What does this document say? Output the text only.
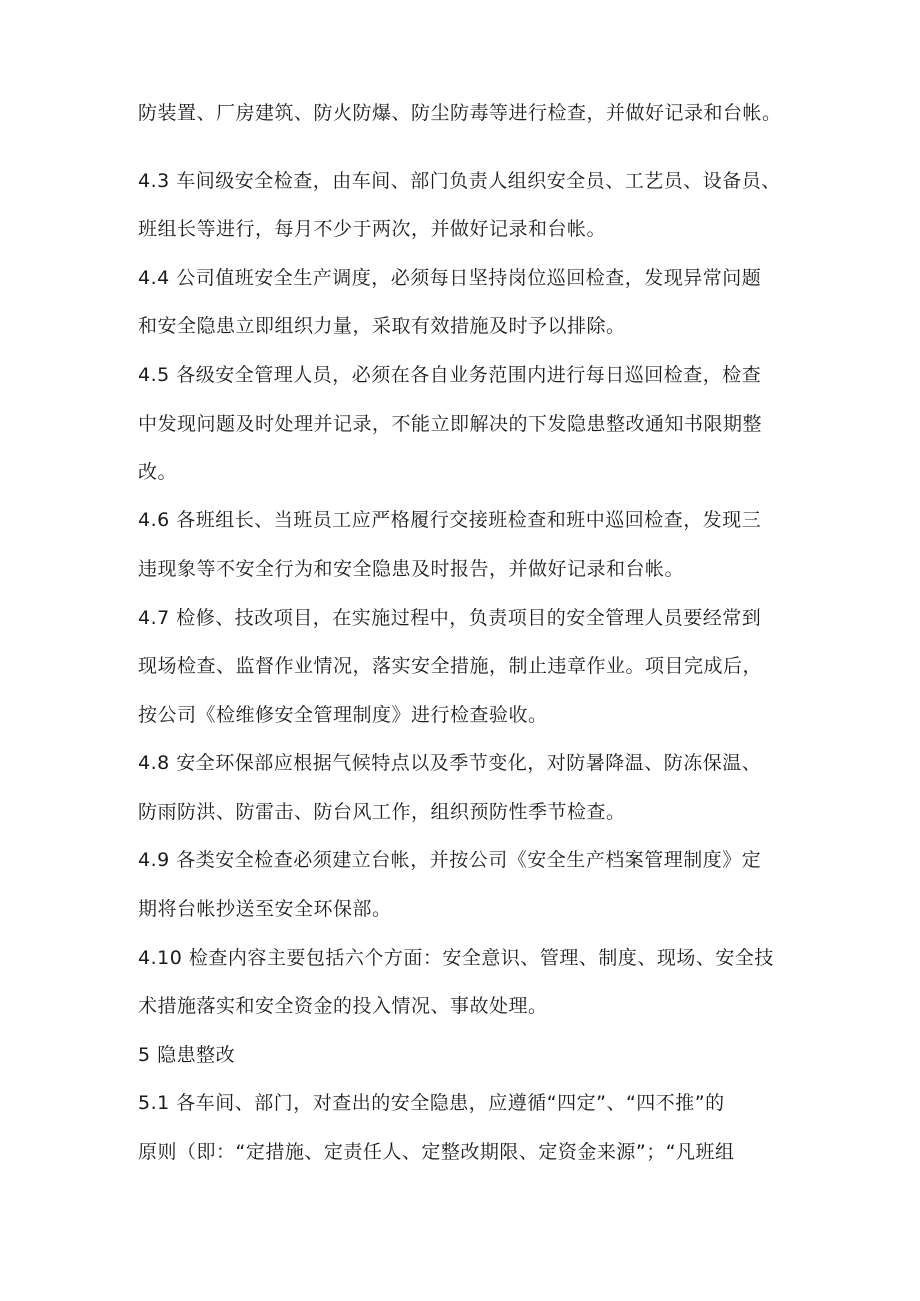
防装置、厂房建筑、防火防爆、防尘防毒等进行检查，并做好记录和台帐。
4.3 车间级安全检查，由车间、部门负责人组织安全员、工艺员、设备员、
班组长等进行，每月不少于两次，并做好记录和台帐。
4.4 公司值班安全生产调度，必须每日坚持岗位巡回检查，发现异常问题
和安全隐患立即组织力量，采取有效措施及时予以排除。
4.5 各级安全管理人员，必须在各自业务范围内进行每日巡回检查，检查
中发现问题及时处理并记录，不能立即解决的下发隐患整改通知书限期整
改。
4.6 各班组长、当班员工应严格履行交接班检查和班中巡回检查，发现三
违现象等不安全行为和安全隐患及时报告，并做好记录和台帐。
4.7 检修、技改项目，在实施过程中，负责项目的安全管理人员要经常到
现场检查、监督作业情况，落实安全措施，制止违章作业。项目完成后，
按公司《检维修安全管理制度》进行检查验收。
4.8 安全环保部应根据气候特点以及季节变化，对防暑降温、防冻保温、
防雨防洪、防雷击、防台风工作，组织预防性季节检查。
4.9 各类安全检查必须建立台帐，并按公司《安全生产档案管理制度》定
期将台帐抄送至安全环保部。
4.10 检查内容主要包括六个方面：安全意识、管理、制度、现场、安全技
术措施落实和安全资金的投入情况、事故处理。
5 隐患整改
5.1 各车间、部门，对查出的安全隐患，应遵循“四定”、“四不推”的
原则（即：“定措施、定责任人、定整改期限、定资金来源”；“凡班组
